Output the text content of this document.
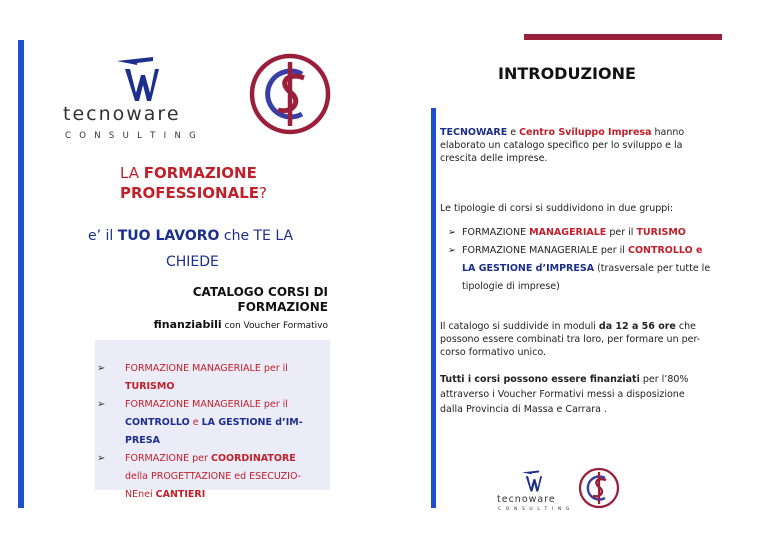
tecnoware
C O N S U L T I N G
LA FORMAZIONE
PROFESSIONALE?
e’ il TUO LAVORO che TE LA
CHIEDE
CATALOGO CORSI DI
FORMAZIONE
finanziabili con Voucher Formativo
➢ FORMAZIONE MANAGERIALE per il
TURISMO
➢ FORMAZIONE MANAGERIALE per il
CONTROLLO e LA GESTIONE d’IM-
PRESA
➢ FORMAZIONE per COORDINATORE
della PROGETTAZIONE ed ESECUZIO-
NEnei CANTIERI
INTRODUZIONE
TECNOWARE e Centro Sviluppo Impresa hanno
elaborato un catalogo specifico per lo sviluppo e la
crescita delle imprese.
Le tipologie di corsi si suddividono in due gruppi:
➢ FORMAZIONE MANAGERIALE per il TURISMO
➢ FORMAZIONE MANAGERIALE per il CONTROLLO e
LA GESTIONE d’IMPRESA (trasversale per tutte le
tipologie di imprese)
Il catalogo si suddivide in moduli da 12 a 56 ore che
possono essere combinati tra loro, per formare un per-
corso formativo unico.
Tutti i corsi possono essere finanziati per l’80%
attraverso i Voucher Formativi messi a disposizione
dalla Provincia di Massa e Carrara .
tecnoware
C O N S U L T I N G
